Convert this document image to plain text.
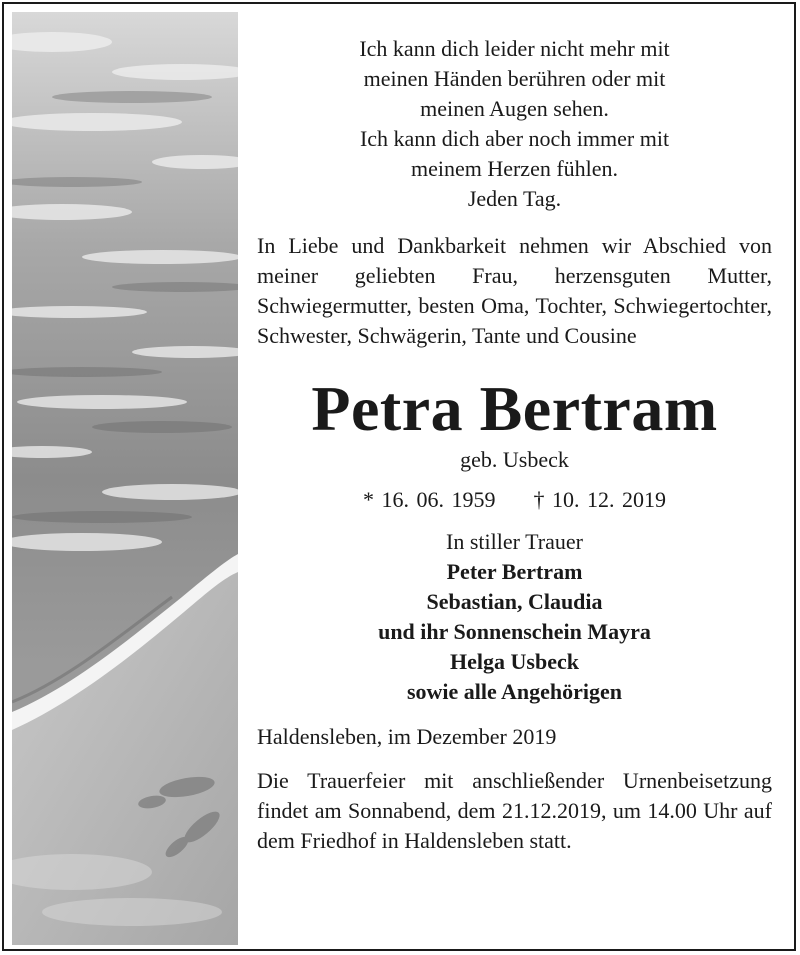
Ich kann dich leider nicht mehr mit
meinen Händen berühren oder mit
meinen Augen sehen.
Ich kann dich aber noch immer mit
meinem Herzen fühlen.
Jeden Tag.
In Liebe und Dankbarkeit nehmen wir Abschied von meiner geliebten Frau, herzensguten Mutter, Schwiegermutter, besten Oma, Tochter, Schwiegertochter, Schwester, Schwägerin, Tante und Cousine
Petra Bertram
geb. Usbeck
* 16. 06. 1959 † 10. 12. 2019
In stiller Trauer
Peter Bertram
Sebastian, Claudia
und ihr Sonnenschein Mayra
Helga Usbeck
sowie alle Angehörigen
Haldensleben, im Dezember 2019
Die Trauerfeier mit anschließender Urnenbeisetzung findet am Sonnabend, dem 21.12.2019, um 14.00 Uhr auf dem Friedhof in Haldensleben statt.
